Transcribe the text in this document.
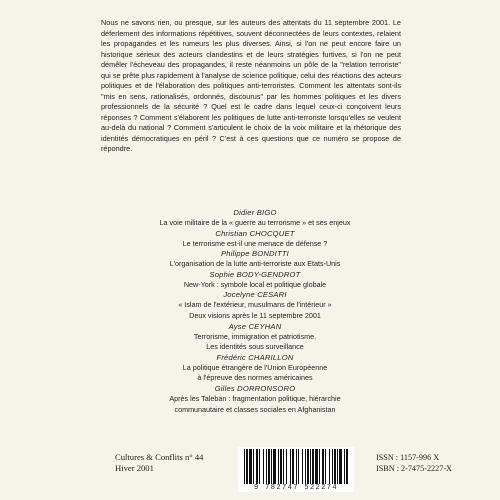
Nous ne savons rien, ou presque, sur les auteurs des attentats du 11 septembre 2001. Le déferlement des informations répétitives, souvent déconnectées de leurs contextes, relaient les propagandes et les rumeurs les plus diverses. Ainsi, si l'on ne peut encore faire un historique sérieux des acteurs clandestins et de leurs stratégies furtives, si l'on ne peut démêler l'écheveau des propagandes, il reste néanmoins un pôle de la "relation terroriste" qui se prête plus rapidement à l'analyse de science politique, celui des réactions des acteurs politiques et de l'élaboration des politiques anti-terroristes. Comment les attentats sont-ils "mis en sens, rationalisés, ordonnés, discourus" par les hommes politiques et les divers professionnels de la sécurité ? Quel est le cadre dans lequel ceux-ci conçoivent leurs réponses ? Comment s'élaborent les politiques de lutte anti-terroriste lorsqu'elles se veulent au-delà du national ? Comment s'articulent le choix de la voix militaire et la rhétorique des identités démocratiques en péril ? C'est à ces questions que ce numéro se propose de répondre.

Didier BIGO
La voie militaire de la « guerre au terrorisme » et ses enjeux
Christian CHOCQUET
Le terrorisme est-il une menace de défense ?
Philippe BONDITTI
L'organisation de la lutte anti-terroriste aux Etats-Unis
Sophie BODY-GENDROT
New-York : symbole local et politique globale
Jocelyne CESARI
« Islam de l'extérieur, musulmans de l'intérieur »
Deux visions après le 11 septembre 2001
Ayse CEYHAN
Terrorisme, immigration et patriotisme.
Les identités sous surveillance
Frédéric CHARILLON
La politique étrangère de l'Union Européenne
à l'épreuve des normes américaines
Gilles DORRONSORO
Après les Taleban : fragmentation politique, hiérarchie
communautaire et classes sociales en Afghanistan
Cultures & Conflits n° 44
Hiver 2001
9 782747 522274
ISSN : 1157-996 X
ISBN : 2-7475-2227-X
